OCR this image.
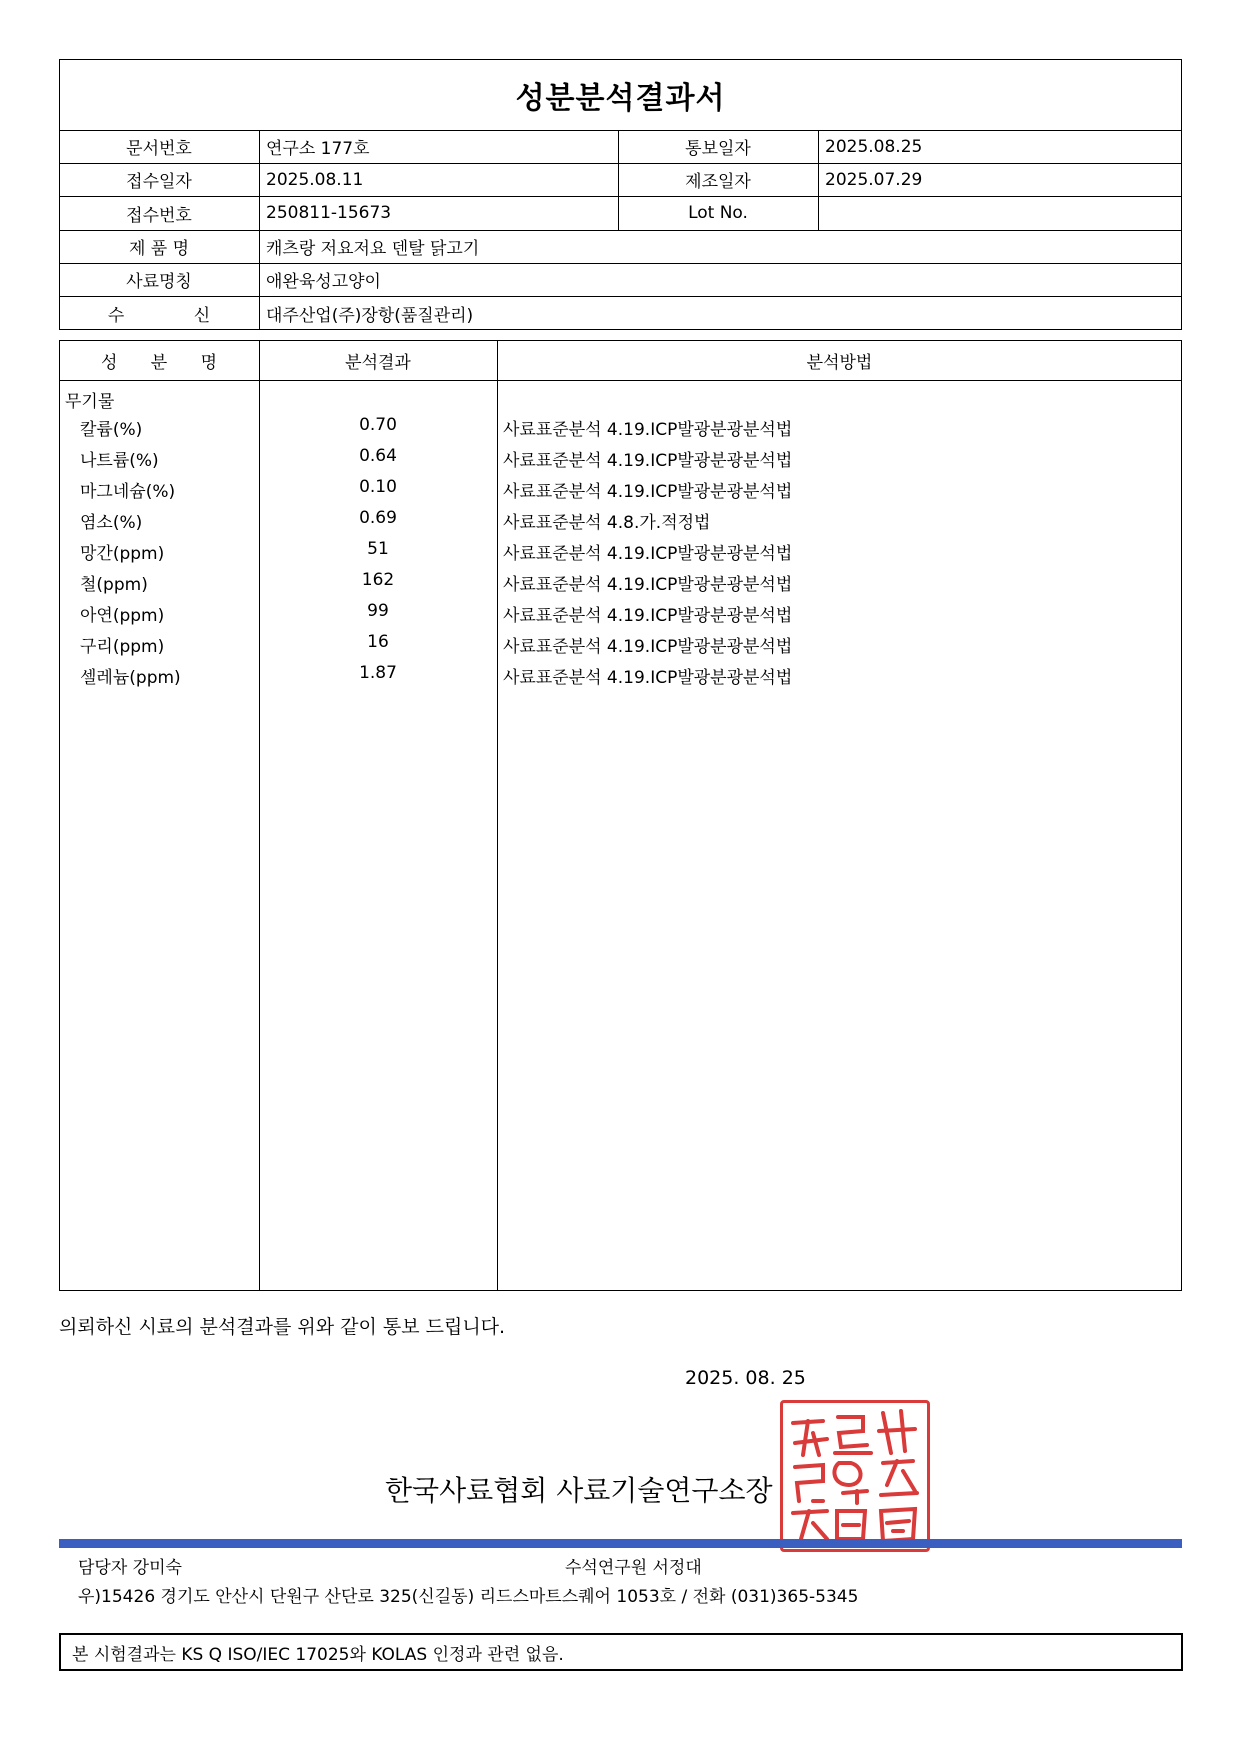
성분분석결과서
문서번호	연구소 177호	통보일자	2025.08.25
접수일자	2025.08.11	제조일자	2025.07.29
접수번호	250811-15673	Lot No.
제 품 명	캐츠랑 저요저요 덴탈 닭고기
사료명칭	애완육성고양이
수 신	대주산업(주)장항(품질관리)
성 분 명	분석결과	분석방법
무기물
칼륨(%)	0.70	사료표준분석 4.19.ICP발광분광분석법
나트륨(%)	0.64	사료표준분석 4.19.ICP발광분광분석법
마그네슘(%)	0.10	사료표준분석 4.19.ICP발광분광분석법
염소(%)	0.69	사료표준분석 4.8.가.적정법
망간(ppm)	51	사료표준분석 4.19.ICP발광분광분석법
철(ppm)	162	사료표준분석 4.19.ICP발광분광분석법
아연(ppm)	99	사료표준분석 4.19.ICP발광분광분석법
구리(ppm)	16	사료표준분석 4.19.ICP발광분광분석법
셀레늄(ppm)	1.87	사료표준분석 4.19.ICP발광분광분석법
의뢰하신 시료의 분석결과를 위와 같이 통보 드립니다.
2025. 08. 25
한국사료협회 사료기술연구소장
담당자 강미숙	수석연구원 서정대
우)15426 경기도 안산시 단원구 산단로 325(신길동) 리드스마트스퀘어 1053호 / 전화 (031)365-5345
본 시험결과는 KS Q ISO/IEC 17025와 KOLAS 인정과 관련 없음.
